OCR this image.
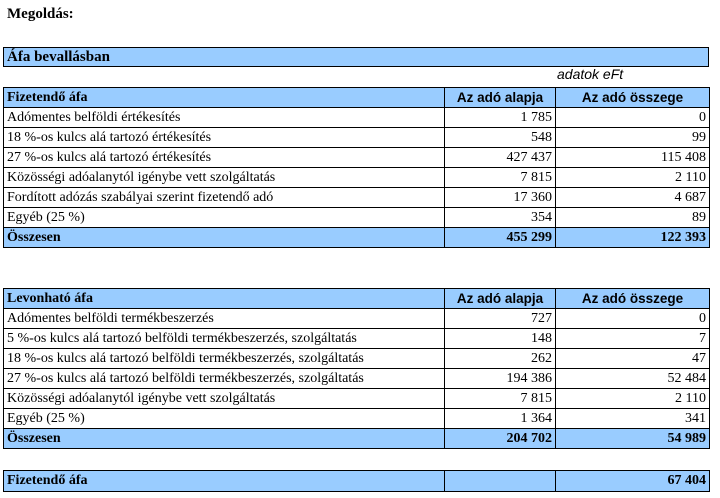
Megoldás:
Áfa bevallásban
adatok eFt
Fizetendő áfa	Az adó alapja	Az adó összege
Adómentes belföldi értékesítés	1 785	0
18 %-os kulcs alá tartozó értékesítés	548	99
27 %-os kulcs alá tartozó értékesítés	427 437	115 408
Közösségi adóalanytól igénybe vett szolgáltatás	7 815	2 110
Fordított adózás szabályai szerint fizetendő adó	17 360	4 687
Egyéb (25 %)	354	89
Összesen	455 299	122 393
Levonható áfa	Az adó alapja	Az adó összege
Adómentes belföldi termékbeszerzés	727	0
5 %-os kulcs alá tartozó belföldi termékbeszerzés, szolgáltatás	148	7
18 %-os kulcs alá tartozó belföldi termékbeszerzés, szolgáltatás	262	47
27 %-os kulcs alá tartozó belföldi termékbeszerzés, szolgáltatás	194 386	52 484
Közösségi adóalanytól igénybe vett szolgáltatás	7 815	2 110
Egyéb (25 %)	1 364	341
Összesen	204 702	54 989
Fizetendő áfa		67 404
